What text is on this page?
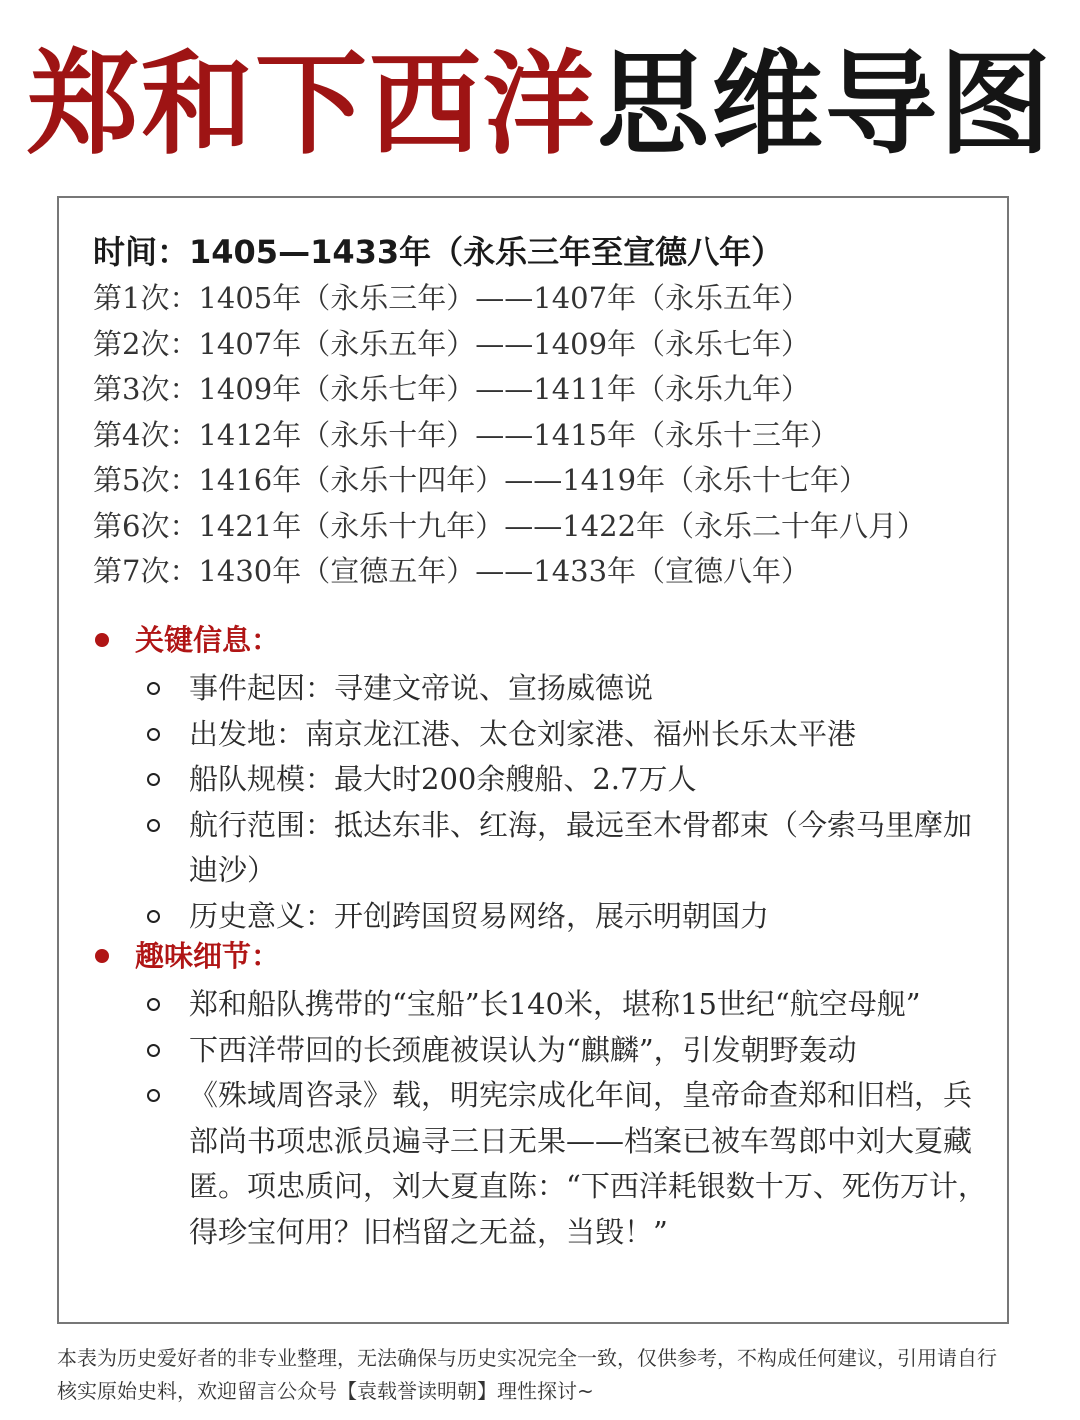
郑和下西洋思维导图
时间：1405—1433年（永乐三年至宣德八年）
第1次：1405年（永乐三年）——1407年（永乐五年）
第2次：1407年（永乐五年）——1409年（永乐七年）
第3次：1409年（永乐七年）——1411年（永乐九年）
第4次：1412年（永乐十年）——1415年（永乐十三年）
第5次：1416年（永乐十四年）——1419年（永乐十七年）
第6次：1421年（永乐十九年）——1422年（永乐二十年八月）
第7次：1430年（宣德五年）——1433年（宣德八年）
关键信息：
事件起因：寻建文帝说、宣扬威德说
出发地：南京龙江港、太仓刘家港、福州长乐太平港
船队规模：最大时200余艘船、2.7万人
航行范围：抵达东非、红海，最远至木骨都束（今索马里摩加迪沙）
历史意义：开创跨国贸易网络，展示明朝国力
趣味细节：
郑和船队携带的“宝船”长140米，堪称15世纪“航空母舰”
下西洋带回的长颈鹿被误认为“麒麟”，引发朝野轰动
《殊域周咨录》载，明宪宗成化年间，皇帝命查郑和旧档，兵部尚书项忠派员遍寻三日无果——档案已被车驾郎中刘大夏藏匿。项忠质问，刘大夏直陈：“下西洋耗银数十万、死伤万计，得珍宝何用？旧档留之无益，当毁！”
本表为历史爱好者的非专业整理，无法确保与历史实况完全一致，仅供参考，不构成任何建议，引用请自行核实原始史料，欢迎留言公众号【袁载誉读明朝】理性探讨~
